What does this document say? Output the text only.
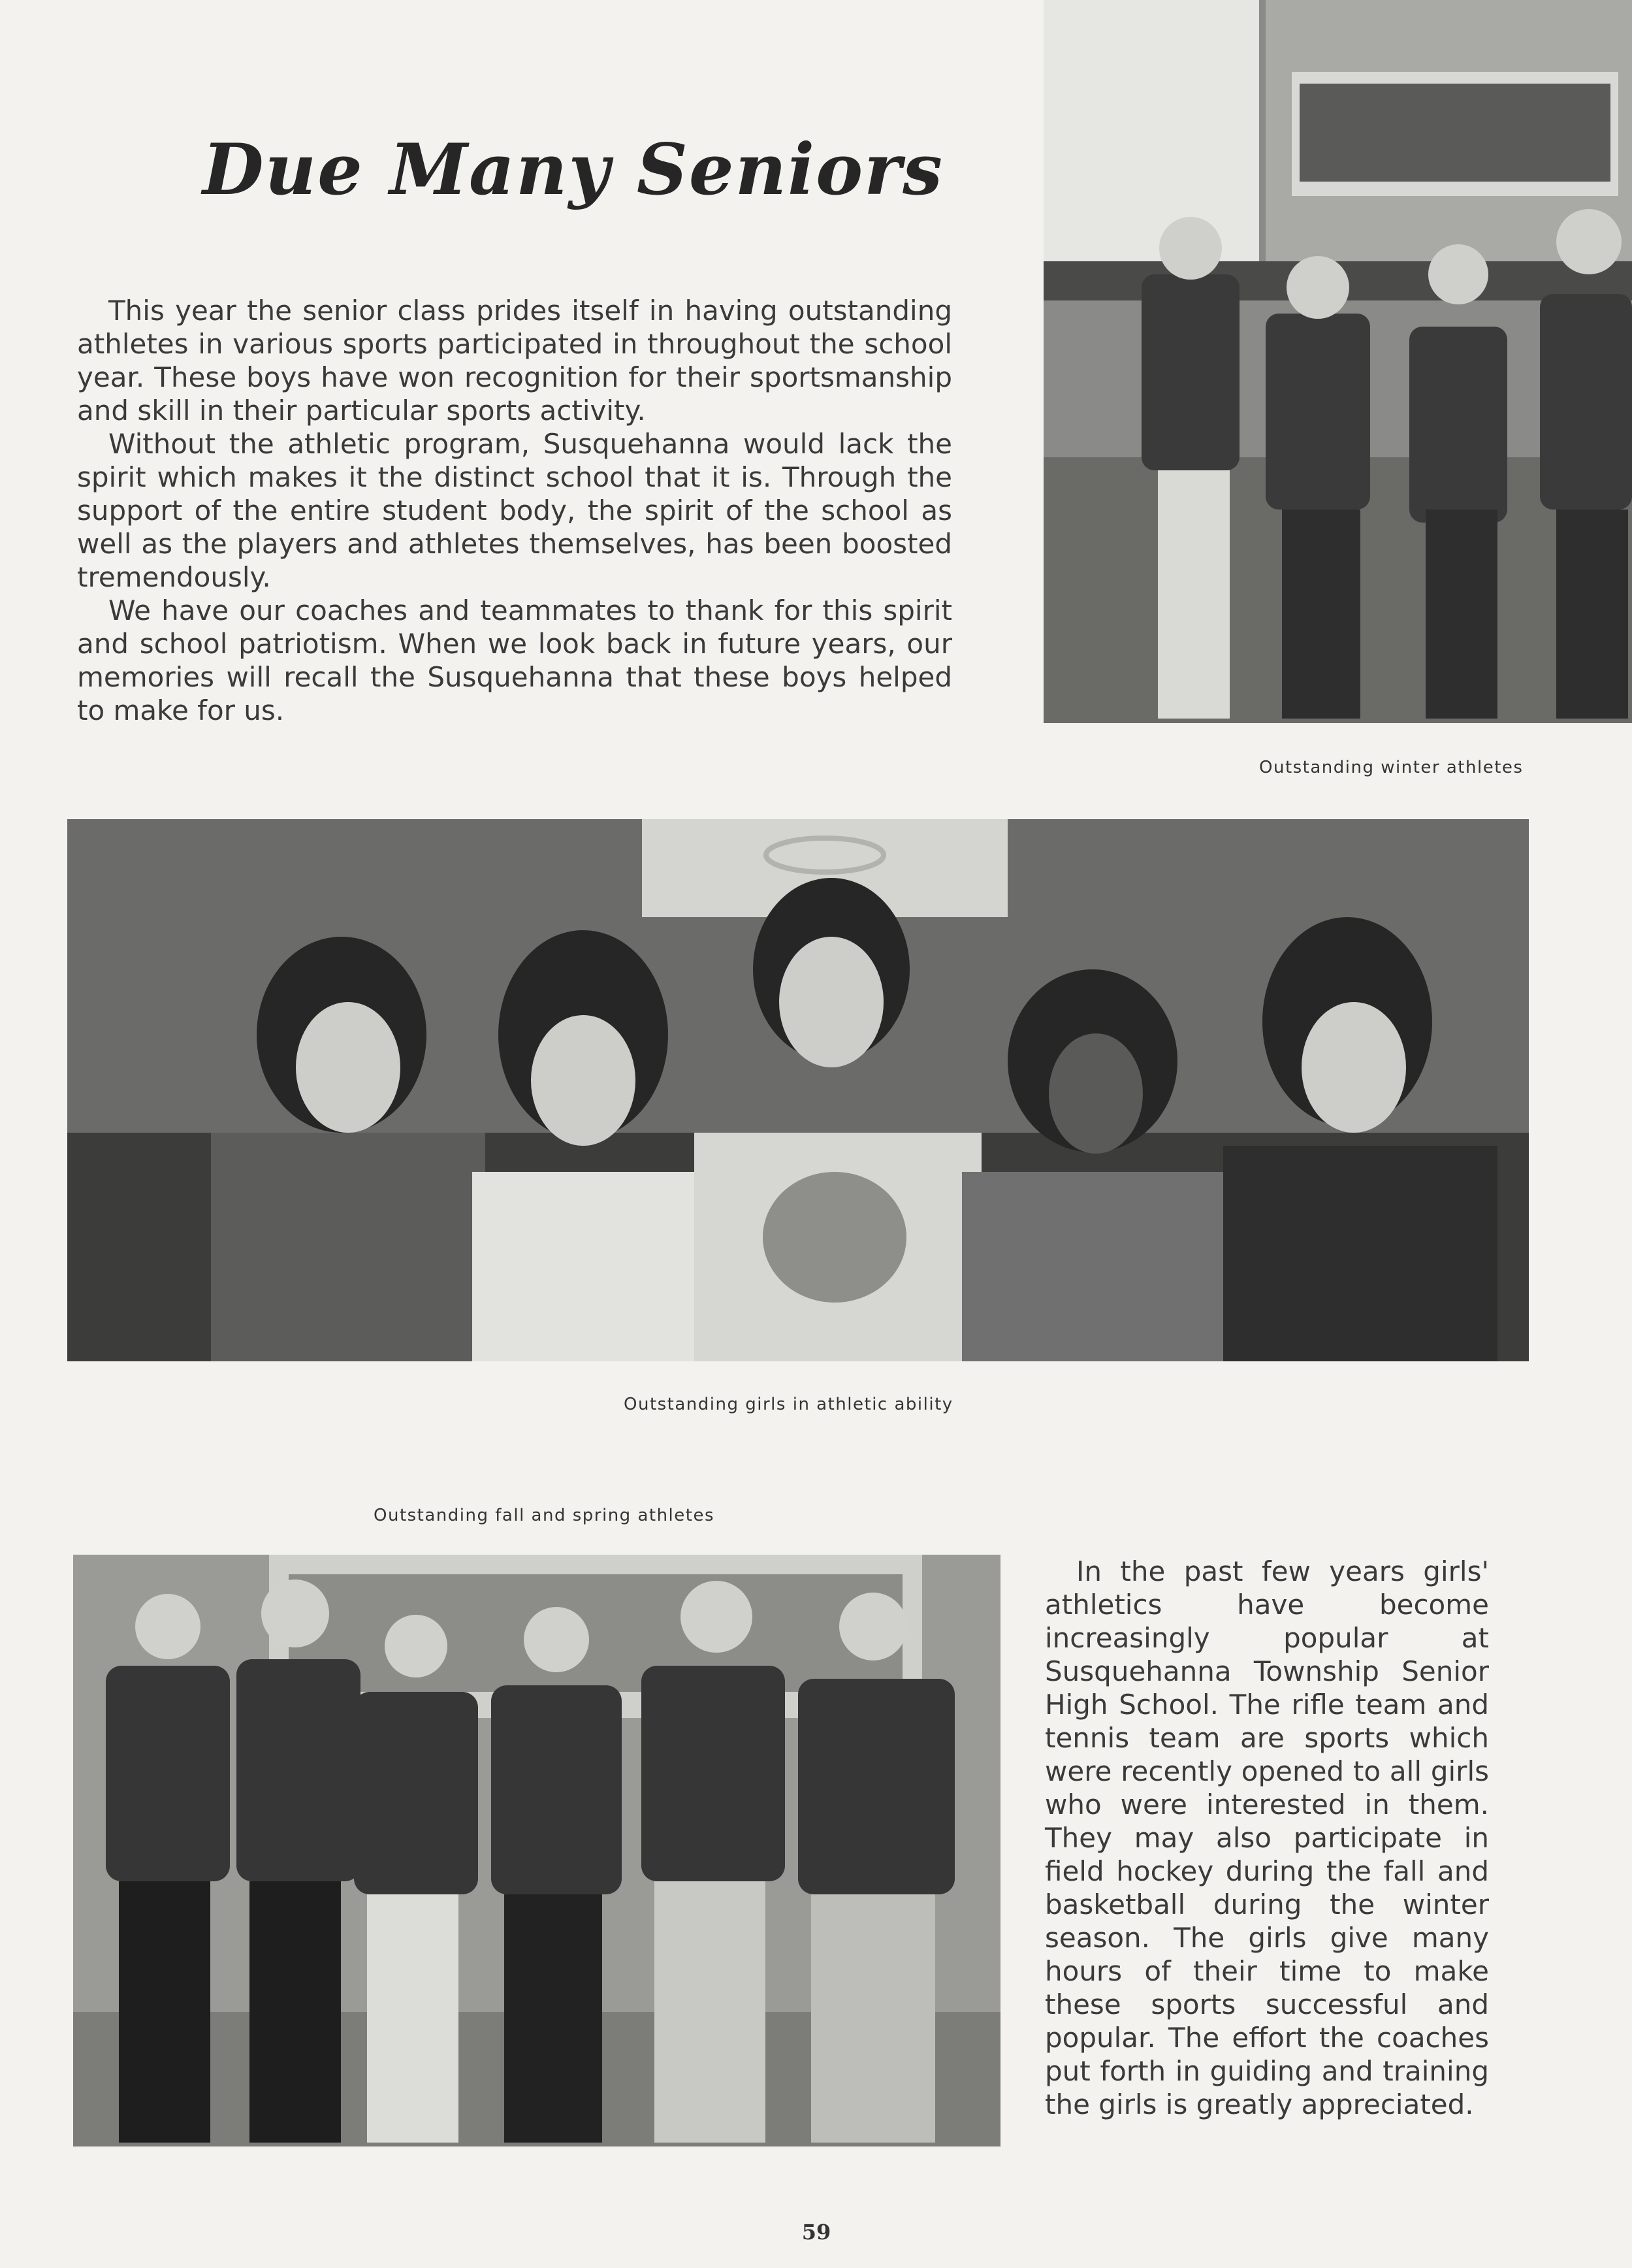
Due Many Seniors

This year the senior class prides itself in having outstanding athletes in various sports participated in throughout the school year. These boys have won recognition for their sportsmanship and skill in their particular sports activity.

Without the athletic program, Susquehanna would lack the spirit which makes it the distinct school that it is. Through the support of the entire student body, the spirit of the school as well as the players and athletes themselves, has been boosted tremendously.

We have our coaches and teammates to thank for this spirit and school patriotism. When we look back in future years, our memories will recall the Susquehanna that these boys helped to make for us.

Outstanding winter athletes
Outstanding girls in athletic ability
Outstanding fall and spring athletes

In the past few years girls' athletics have become increasingly popular at Susquehanna Township Senior High School. The rifle team and tennis team are sports which were recently opened to all girls who were interested in them. They may also participate in field hockey during the fall and basketball during the winter season. The girls give many hours of their time to make these sports successful and popular. The effort the coaches put forth in guiding and training the girls is greatly appreciated.

59
